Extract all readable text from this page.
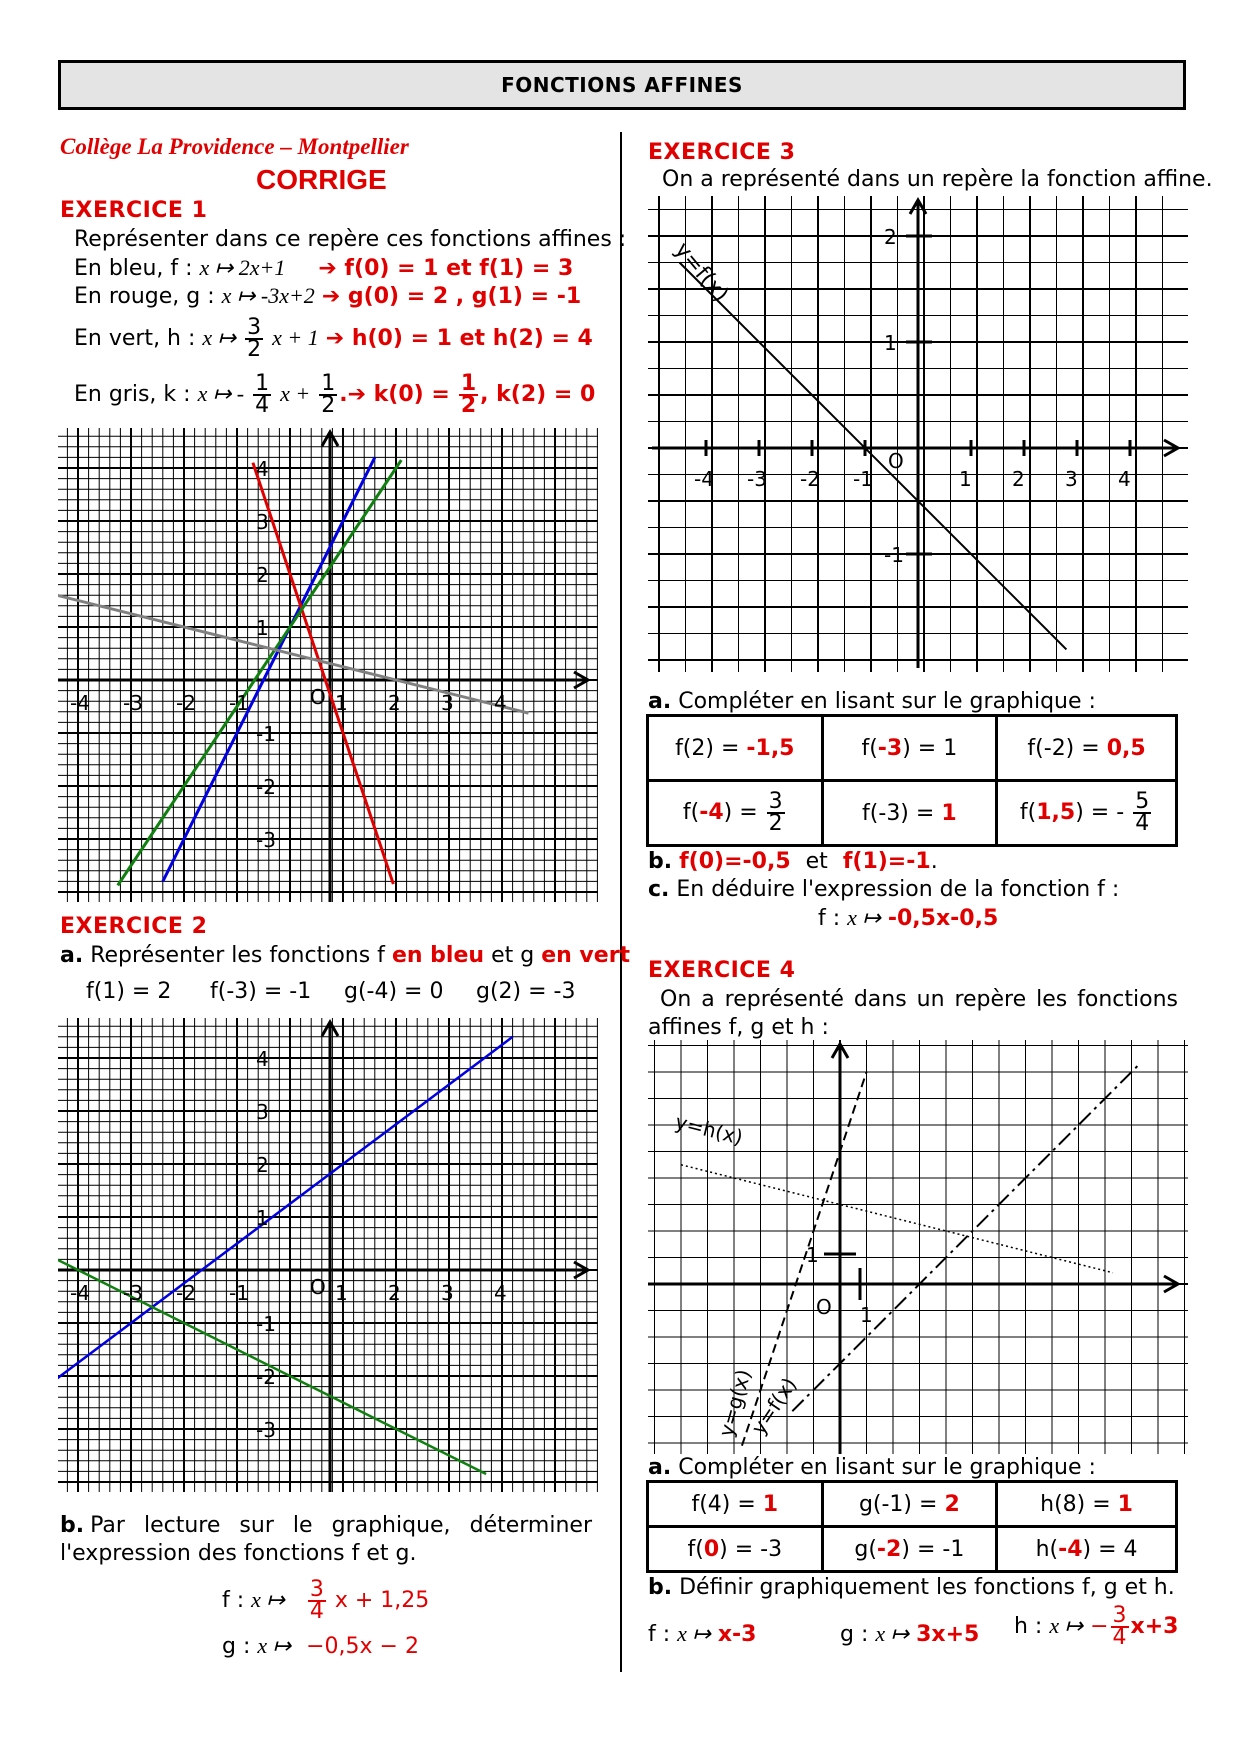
FONCTIONS AFFINES
Collège La Providence – Montpellier
CORRIGE
EXERCICE 1
Représenter dans ce repère ces fonctions affines :
En bleu, f : x ↦ 2x+1 ➔ f(0) = 1 et f(1) = 3
En rouge, g : x ↦ -3x+2 ➔ g(0) = 2 , g(1) = -1
En vert, h : x ↦ $\frac{3}{2}$ x + 1 ➔ h(0) = 1 et h(2) = 4
En gris, k : x ↦ - $\frac{1}{4}$ $x + \frac{1}{2}$ .➔ $k(0) = \frac{1}{2}$ , k(2) = 0
-4 -3 -2 -1	1 2 3 4
4
3
2
1
-1
-2
-3
O
EXERCICE 2
a. Représenter les fonctions f en bleu et g en vert
f(1) = 2 f(-3) = -1 g(-4) = 0 g(2) = -3
-4 -3 -2 -1	1 2 3 4
4
3
2
1
-1
-2
-3
O
b. Par lecture sur le graphique, déterminer
l'expression des fonctions f et g.
f : x ↦ $\frac{3}{4}$ x + 1,25
g : x ↦ −0,5x − 2
EXERCICE 3
On a représenté dans un repère la fonction affine.
y=f(x)
-4 -3 -2 -1	1 2 3 4
2
1
-1
O
a. Compléter en lisant sur le graphique :
f(2) = -1,5	f(-3) = 1	f(-2) = 0,5
$f(-4) = \frac{3}{2}$	f(-3) = 1	f(1,5) = - $\frac{5}{4}$
b. f(0)=-0,5 et f(1)=-1.
c. En déduire l'expression de la fonction f :
f : x ↦ -0,5x-0,5
EXERCICE 4
On a représenté dans un repère les fonctions
affines f, g et h :
y=h(x)
y=g(x)
y=f(x)
1
1
O
a. Compléter en lisant sur le graphique :
f(4) = 1	g(-1) = 2	h(8) = 1
f(0) = -3	g(-2) = -1	h(-4) = 4
b. Définir graphiquement les fonctions f, g et h.
f : x ↦ x-3	g : x ↦ 3x+5 h : x ↦ − $\frac{3}{4} x+3$
